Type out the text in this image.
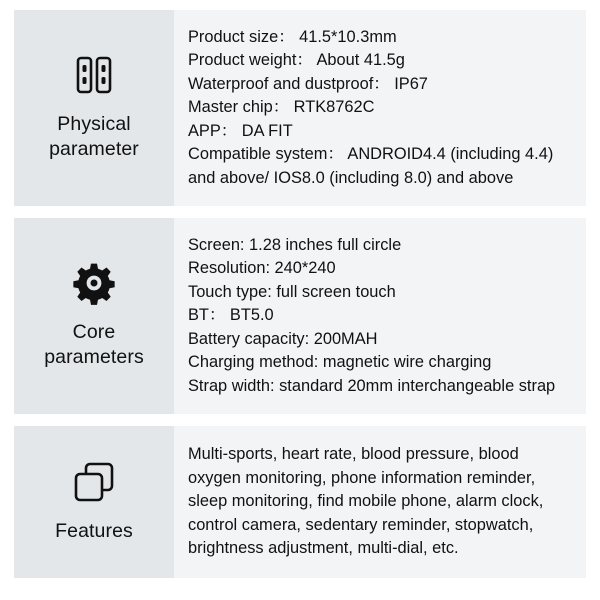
Physical
parameter
Product size： 41.5*10.3mm
Product weight： About 41.5g
Waterproof and dustproof： IP67
Master chip： RTK8762C
APP： DA FIT
Compatible system： ANDROID4.4 (including 4.4) and above/ IOS8.0 (including 8.0) and above
Core
parameters
Screen: 1.28 inches full circle
Resolution: 240*240
Touch type: full screen touch
BT： BT5.0
Battery capacity: 200MAH
Charging method: magnetic wire charging
Strap width: standard 20mm interchangeable strap
Features
Multi-sports, heart rate, blood pressure, blood oxygen monitoring, phone information reminder, sleep monitoring, find mobile phone, alarm clock, control camera, sedentary reminder, stopwatch, brightness adjustment, multi-dial, etc.
